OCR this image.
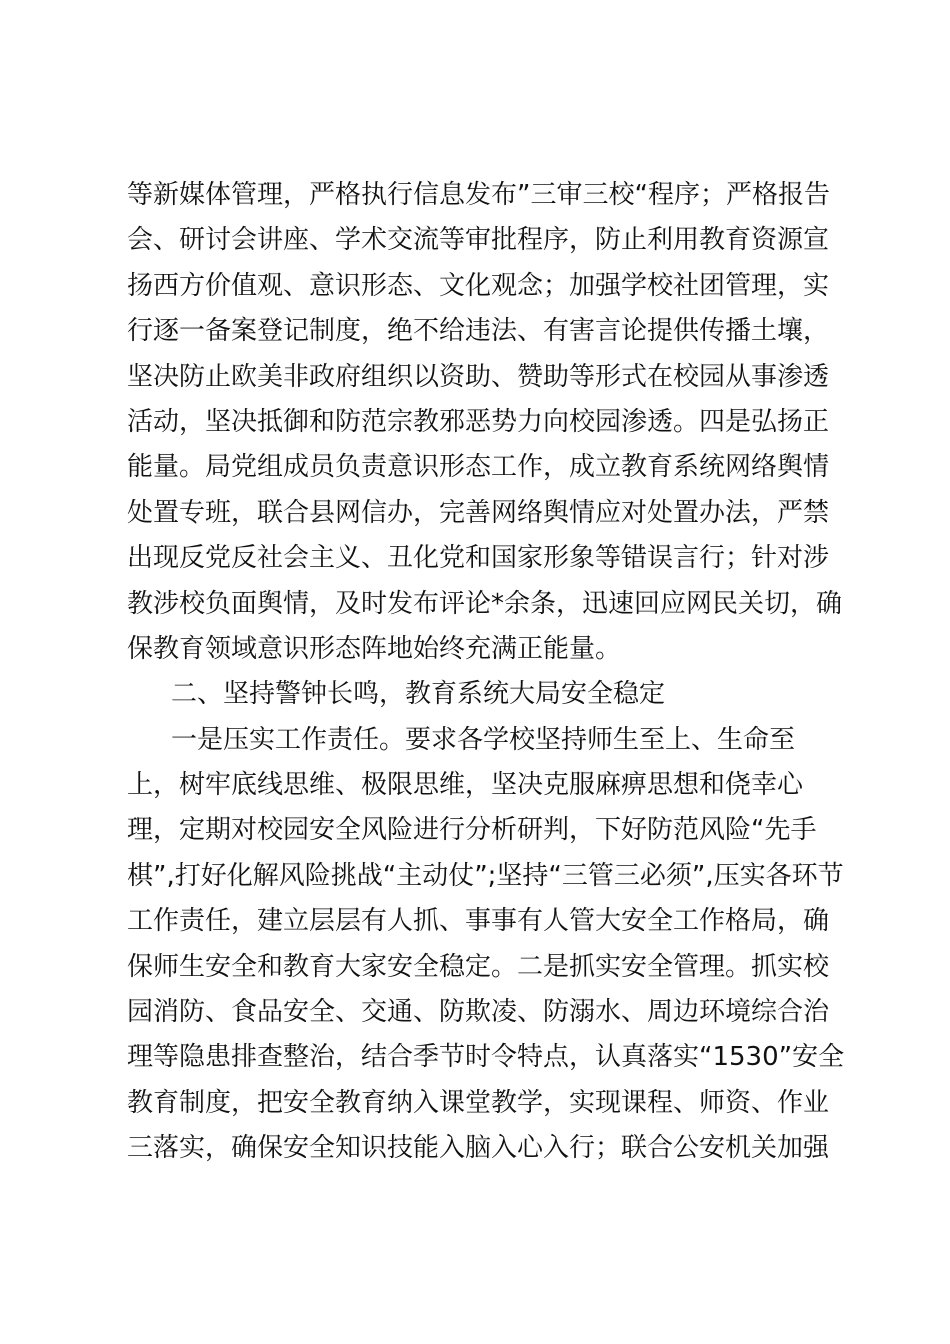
等新媒体管理，严格执行信息发布”三审三校“程序；严格报告
会、研讨会讲座、学术交流等审批程序，防止利用教育资源宣
扬西方价值观、意识形态、文化观念；加强学校社团管理，实
行逐一备案登记制度，绝不给违法、有害言论提供传播土壤，
坚决防止欧美非政府组织以资助、赞助等形式在校园从事渗透
活动，坚决抵御和防范宗教邪恶势力向校园渗透。四是弘扬正
能量。局党组成员负责意识形态工作，成立教育系统网络舆情
处置专班，联合县网信办，完善网络舆情应对处置办法，严禁
出现反党反社会主义、丑化党和国家形象等错误言行；针对涉
教涉校负面舆情，及时发布评论*余条，迅速回应网民关切，确
保教育领域意识形态阵地始终充满正能量。
二、坚持警钟长鸣，教育系统大局安全稳定
一是压实工作责任。要求各学校坚持师生至上、生命至
上，树牢底线思维、极限思维，坚决克服麻痹思想和侥幸心
理，定期对校园安全风险进行分析研判，下好防范风险“先手
棋”,打好化解风险挑战“主动仗”;坚持“三管三必须”,压实各环节
工作责任，建立层层有人抓、事事有人管大安全工作格局，确
保师生安全和教育大家安全稳定。二是抓实安全管理。抓实校
园消防、食品安全、交通、防欺凌、防溺水、周边环境综合治
理等隐患排查整治，结合季节时令特点，认真落实“1530”安全
教育制度，把安全教育纳入课堂教学，实现课程、师资、作业
三落实，确保安全知识技能入脑入心入行；联合公安机关加强
